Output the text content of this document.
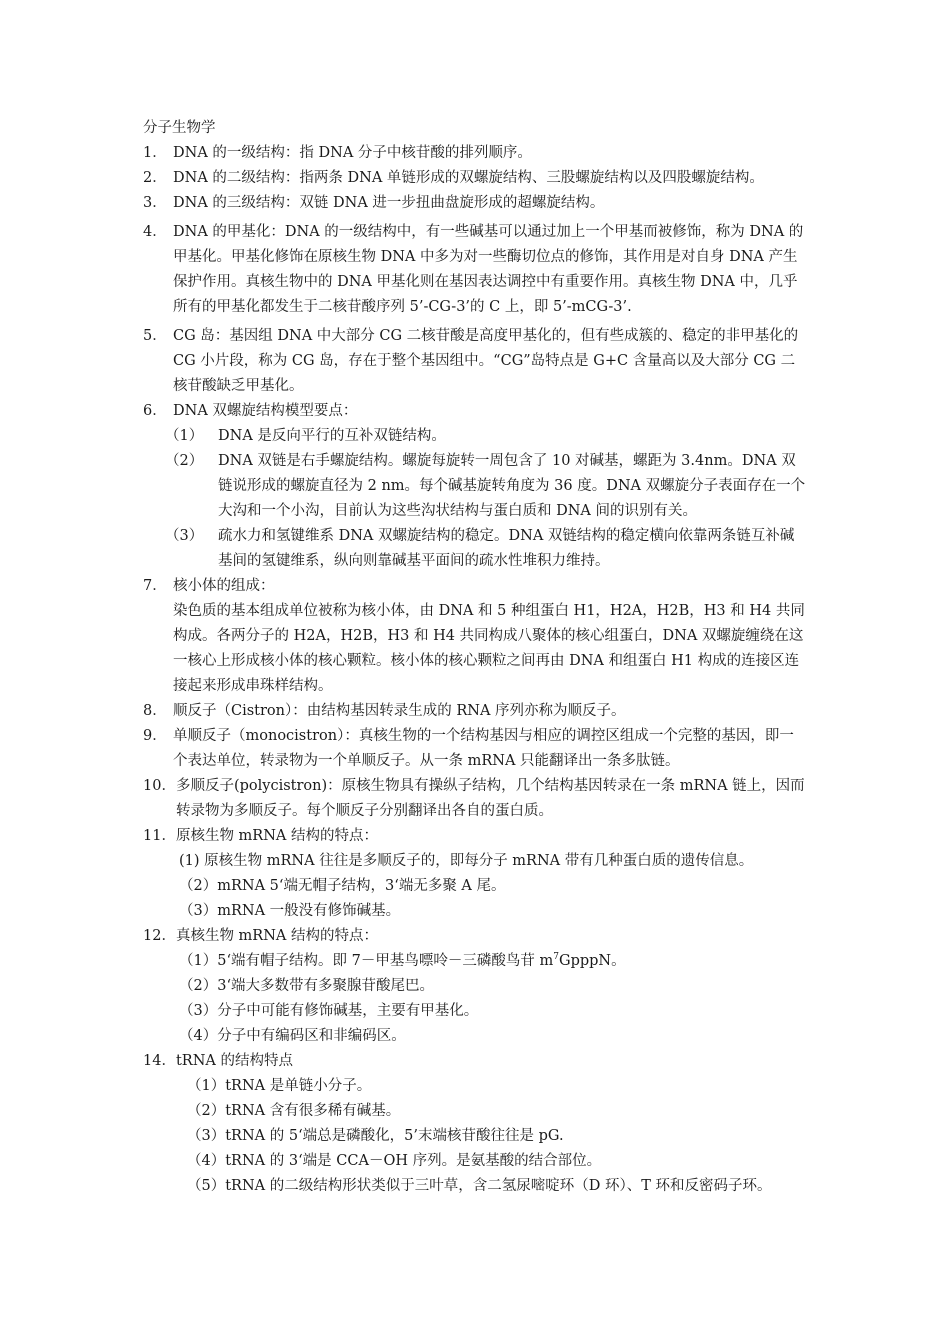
分子生物学
1． DNA 的一级结构：指 DNA 分子中核苷酸的排列顺序。
2． DNA 的二级结构：指两条 DNA 单链形成的双螺旋结构、三股螺旋结构以及四股螺旋结构。
3． DNA 的三级结构：双链 DNA 进一步扭曲盘旋形成的超螺旋结构。
4． DNA 的甲基化：DNA 的一级结构中，有一些碱基可以通过加上一个甲基而被修饰，称为 DNA 的甲基化。甲基化修饰在原核生物 DNA 中多为对一些酶切位点的修饰，其作用是对自身 DNA 产生保护作用。真核生物中的 DNA 甲基化则在基因表达调控中有重要作用。真核生物 DNA 中，几乎所有的甲基化都发生于二核苷酸序列 5’-CG-3’的 C 上，即 5’-mCG-3’.
5． CG 岛：基因组 DNA 中大部分 CG 二核苷酸是高度甲基化的，但有些成簇的、稳定的非甲基化的 CG 小片段，称为 CG 岛，存在于整个基因组中。“CG”岛特点是 G+C 含量高以及大部分 CG 二核苷酸缺乏甲基化。
6． DNA 双螺旋结构模型要点：
（1）	DNA 是反向平行的互补双链结构。
（2）	DNA 双链是右手螺旋结构。螺旋每旋转一周包含了 10 对碱基，螺距为 3.4nm。DNA 双链说形成的螺旋直径为 2 nm。每个碱基旋转角度为 36 度。DNA 双螺旋分子表面存在一个大沟和一个小沟，目前认为这些沟状结构与蛋白质和 DNA 间的识别有关。
（3）	疏水力和氢键维系 DNA 双螺旋结构的稳定。DNA 双链结构的稳定横向依靠两条链互补碱基间的氢键维系，纵向则靠碱基平面间的疏水性堆积力维持。
7． 核小体的组成：
染色质的基本组成单位被称为核小体，由 DNA 和 5 种组蛋白 H1，H2A，H2B，H3 和 H4 共同构成。各两分子的 H2A，H2B，H3 和 H4 共同构成八聚体的核心组蛋白，DNA 双螺旋缠绕在这一核心上形成核小体的核心颗粒。核小体的核心颗粒之间再由 DNA 和组蛋白 H1 构成的连接区连接起来形成串珠样结构。
8． 顺反子（Cistron）：由结构基因转录生成的 RNA 序列亦称为顺反子。
9． 单顺反子（monocistron）：真核生物的一个结构基因与相应的调控区组成一个完整的基因，即一个表达单位，转录物为一个单顺反子。从一条 mRNA 只能翻译出一条多肽链。
10． 多顺反子(polycistron)：原核生物具有操纵子结构，几个结构基因转录在一条 mRNA 链上，因而转录物为多顺反子。每个顺反子分别翻译出各自的蛋白质。
11． 原核生物 mRNA 结构的特点：
(1) 原核生物 mRNA 往往是多顺反子的，即每分子 mRNA 带有几种蛋白质的遗传信息。
（2）mRNA 5‘端无帽子结构，3‘端无多聚 A 尾。
（3）mRNA 一般没有修饰碱基。
12． 真核生物 mRNA 结构的特点：
（1）5‘端有帽子结构。即 7－甲基鸟嘌呤－三磷酸鸟苷 $m^7GpppN$。
（2）3‘端大多数带有多聚腺苷酸尾巴。
（3）分子中可能有修饰碱基，主要有甲基化。
（4）分子中有编码区和非编码区。
14． tRNA 的结构特点
（1）tRNA 是单链小分子。
（2）tRNA 含有很多稀有碱基。
（3）tRNA 的 5‘端总是磷酸化，5’末端核苷酸往往是 pG.
（4）tRNA 的 3‘端是 CCA－OH 序列。是氨基酸的结合部位。
（5）tRNA 的二级结构形状类似于三叶草，含二氢尿嘧啶环（D 环）、T 环和反密码子环。
